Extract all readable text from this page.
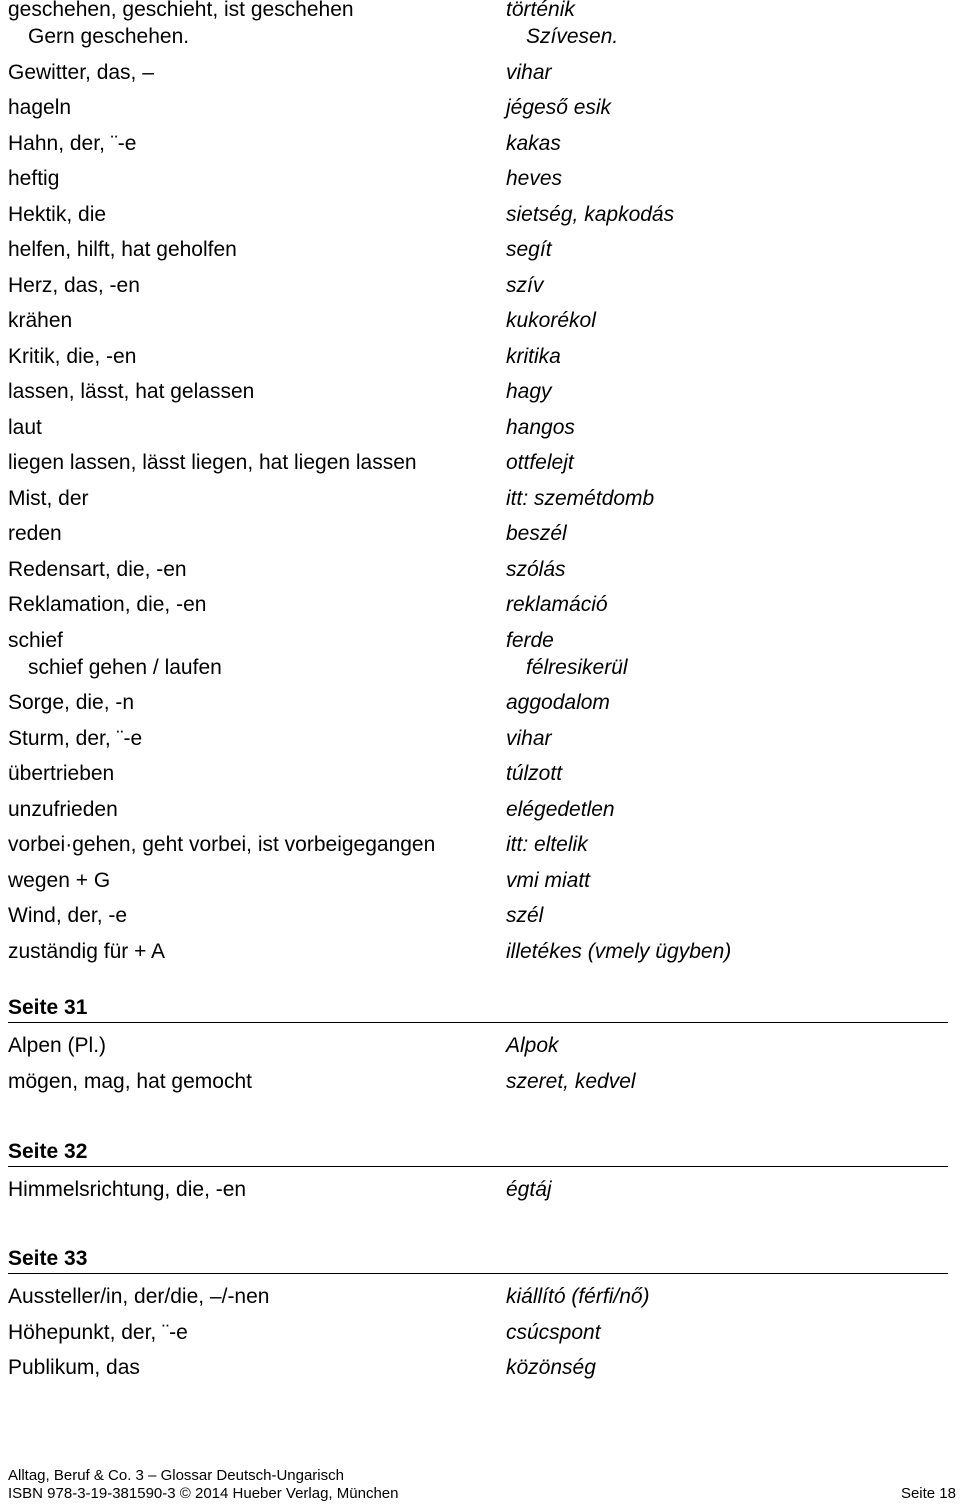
geschehen, geschieht, ist geschehen	történik
Gern geschehen.	Szívesen.
Gewitter, das, –	vihar
hageln	jégeső esik
Hahn, der, ¨-e	kakas
heftig	heves
Hektik, die	sietség, kapkodás
helfen, hilft, hat geholfen	segít
Herz, das, -en	szív
krähen	kukorékol
Kritik, die, -en	kritika
lassen, lässt, hat gelassen	hagy
laut	hangos
liegen lassen, lässt liegen, hat liegen lassen	ottfelejt
Mist, der	itt: szemétdomb
reden	beszél
Redensart, die, -en	szólás
Reklamation, die, -en	reklamáció
schief	ferde
schief gehen / laufen	félresikerül
Sorge, die, -n	aggodalom
Sturm, der, ¨-e	vihar
übertrieben	túlzott
unzufrieden	elégedetlen
vorbei·gehen, geht vorbei, ist vorbeigegangen	itt: eltelik
wegen + G	vmi miatt
Wind, der, -e	szél
zuständig für + A	illetékes (vmely ügyben)
Seite 31
Alpen (Pl.)	Alpok
mögen, mag, hat gemocht	szeret, kedvel
Seite 32
Himmelsrichtung, die, -en	égtáj
Seite 33
Aussteller/in, der/die, –/-nen	kiállító (férfi/nő)
Höhepunkt, der, ¨-e	csúcspont
Publikum, das	közönség
Alltag, Beruf & Co. 3 – Glossar Deutsch-Ungarisch
ISBN 978-3-19-381590-3 © 2014 Hueber Verlag, München	Seite 18
